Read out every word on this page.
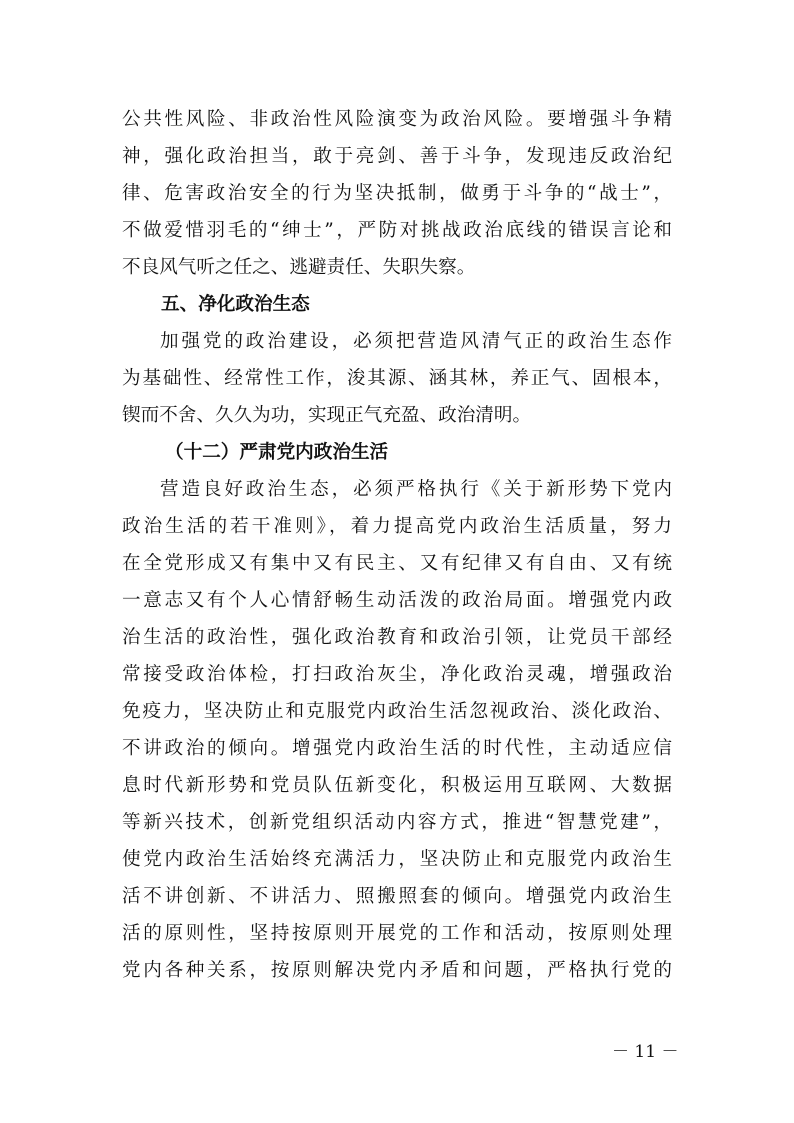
公共性风险、非政治性风险演变为政治风险。要增强斗争精
神，强化政治担当，敢于亮剑、善于斗争，发现违反政治纪
律、危害政治安全的行为坚决抵制，做勇于斗争的“战士”，
不做爱惜羽毛的“绅士”，严防对挑战政治底线的错误言论和
不良风气听之任之、逃避责任、失职失察。
五、净化政治生态
加强党的政治建设，必须把营造风清气正的政治生态作
为基础性、经常性工作，浚其源、涵其林，养正气、固根本，
锲而不舍、久久为功，实现正气充盈、政治清明。
（十二）严肃党内政治生活
营造良好政治生态，必须严格执行《关于新形势下党内
政治生活的若干准则》，着力提高党内政治生活质量，努力
在全党形成又有集中又有民主、又有纪律又有自由、又有统
一意志又有个人心情舒畅生动活泼的政治局面。增强党内政
治生活的政治性，强化政治教育和政治引领，让党员干部经
常接受政治体检，打扫政治灰尘，净化政治灵魂，增强政治
免疫力，坚决防止和克服党内政治生活忽视政治、淡化政治、
不讲政治的倾向。增强党内政治生活的时代性，主动适应信
息时代新形势和党员队伍新变化，积极运用互联网、大数据
等新兴技术，创新党组织活动内容方式，推进“智慧党建”，
使党内政治生活始终充满活力，坚决防止和克服党内政治生
活不讲创新、不讲活力、照搬照套的倾向。增强党内政治生
活的原则性，坚持按原则开展党的工作和活动，按原则处理
党内各种关系，按原则解决党内矛盾和问题，严格执行党的
－ 11 －
